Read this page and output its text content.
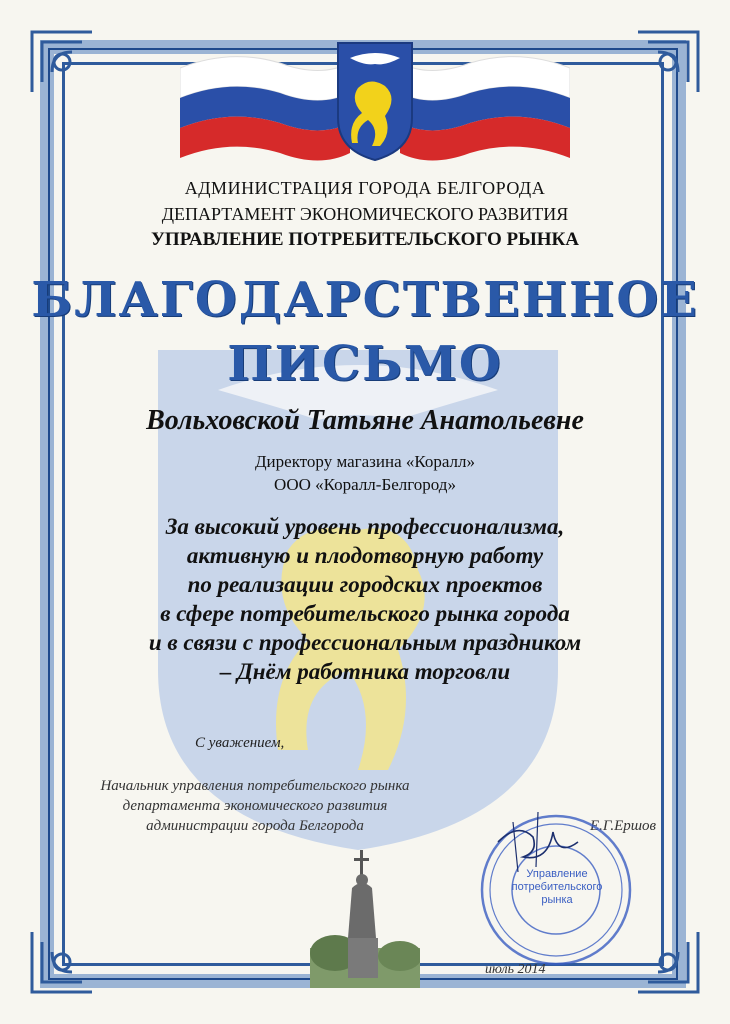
АДМИНИСТРАЦИЯ ГОРОДА БЕЛГОРОДА
ДЕПАРТАМЕНТ ЭКОНОМИЧЕСКОГО РАЗВИТИЯ
УПРАВЛЕНИЕ ПОТРЕБИТЕЛЬСКОГО РЫНКА
БЛАГОДАРСТВЕННОЕ
ПИСЬМО
Вольховской Татьяне Анатольевне
Директору магазина «Коралл»
ООО «Коралл-Белгород»
За высокий уровень профессионализма,
активную и плодотворную работу
по реализации городских проектов
в сфере потребительского рынка города
и в связи с профессиональным праздником
– Днём работника торговли
С уважением,
Начальник управления потребительского рынка
департамента экономического развития
администрации города Белгорода	Е.Г.Ершов
Управление
потребительского
рынка
июль 2014
